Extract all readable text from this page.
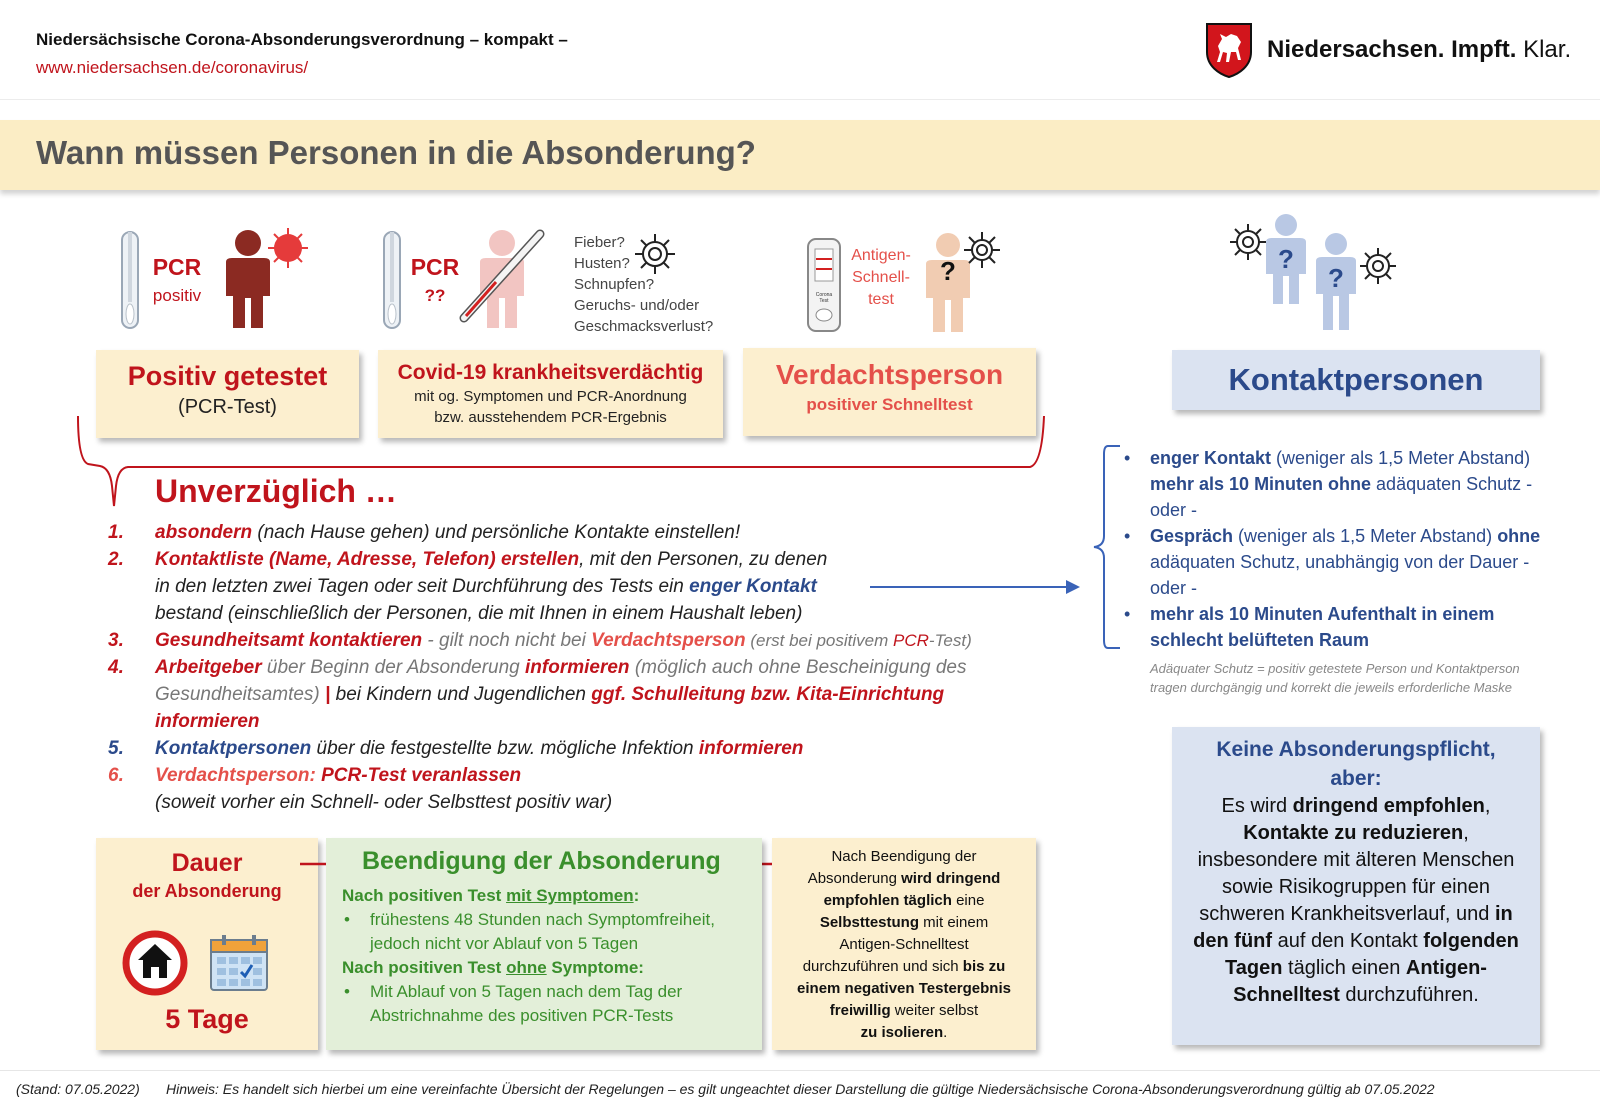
Niedersächsische Corona-Absonderungsverordnung – kompakt –
www.niedersachsen.de/coronavirus/
Niedersachsen. Impft. Klar.
Wann müssen Personen in die Absonderung?
PCR
positiv
PCR
??
Fieber?
Husten?
Schnupfen?
Geruchs- und/oder
Geschmacksverlust?
Corona
Test
Antigen-
Schnell-
test
?	?
?
Positiv getestet
(PCR-Test)
Covid-19 krankheitsverdächtig
mit og. Symptomen und PCR-Anordnung
bzw. ausstehendem PCR-Ergebnis
Verdachtsperson
positiver Schnelltest
Kontaktpersonen
Unverzüglich …
1. absondern (nach Hause gehen) und persönliche Kontakte einstellen!
2. Kontaktliste (Name, Adresse, Telefon) erstellen, mit den Personen, zu denen
in den letzten zwei Tagen oder seit Durchführung des Tests ein enger Kontakt
bestand (einschließlich der Personen, die mit Ihnen in einem Haushalt leben)
3. Gesundheitsamt kontaktieren - gilt noch nicht bei Verdachtsperson (erst bei positivem PCR-Test)
4. Arbeitgeber über Beginn der Absonderung informieren (möglich auch ohne Bescheinigung des
Gesundheitsamtes) | bei Kindern und Jugendlichen ggf. Schulleitung bzw. Kita-Einrichtung
informieren
5. Kontaktpersonen über die festgestellte bzw. mögliche Infektion informieren
6. Verdachtsperson: PCR-Test veranlassen
(soweit vorher ein Schnell- oder Selbsttest positiv war)
• enger Kontakt (weniger als 1,5 Meter Abstand)
mehr als 10 Minuten ohne adäquaten Schutz -
oder -
• Gespräch (weniger als 1,5 Meter Abstand) ohne
adäquaten Schutz, unabhängig von der Dauer -
oder -
• mehr als 10 Minuten Aufenthalt in einem
schlecht belüfteten Raum
Adäquater Schutz = positiv getestete Person und Kontaktperson
tragen durchgängig und korrekt die jeweils erforderliche Maske
Keine Absonderungspflicht,
aber:
Es wird dringend empfohlen,
Kontakte zu reduzieren,
insbesondere mit älteren Menschen
sowie Risikogruppen für einen
schweren Krankheitsverlauf, und in
den fünf auf den Kontakt folgenden
Tagen täglich einen Antigen-
Schnelltest durchzuführen.
Dauer
der Absonderung
5 Tage
Beendigung der Absonderung
Nach positiven Test mit Symptomen:
• frühestens 48 Stunden nach Symptomfreiheit,
jedoch nicht vor Ablauf von 5 Tagen
Nach positiven Test ohne Symptome:
• Mit Ablauf von 5 Tagen nach dem Tag der
Abstrichnahme des positiven PCR-Tests
Nach Beendigung der
Absonderung wird dringend
empfohlen täglich eine
Selbsttestung mit einem
Antigen-Schnelltest
durchzuführen und sich bis zu
einem negativen Testergebnis
freiwillig weiter selbst
zu isolieren.
(Stand: 07.05.2022) Hinweis: Es handelt sich hierbei um eine vereinfachte Übersicht der Regelungen – es gilt ungeachtet dieser Darstellung die gültige Niedersächsische Corona-Absonderungsverordnung gültig ab 07.05.2022
